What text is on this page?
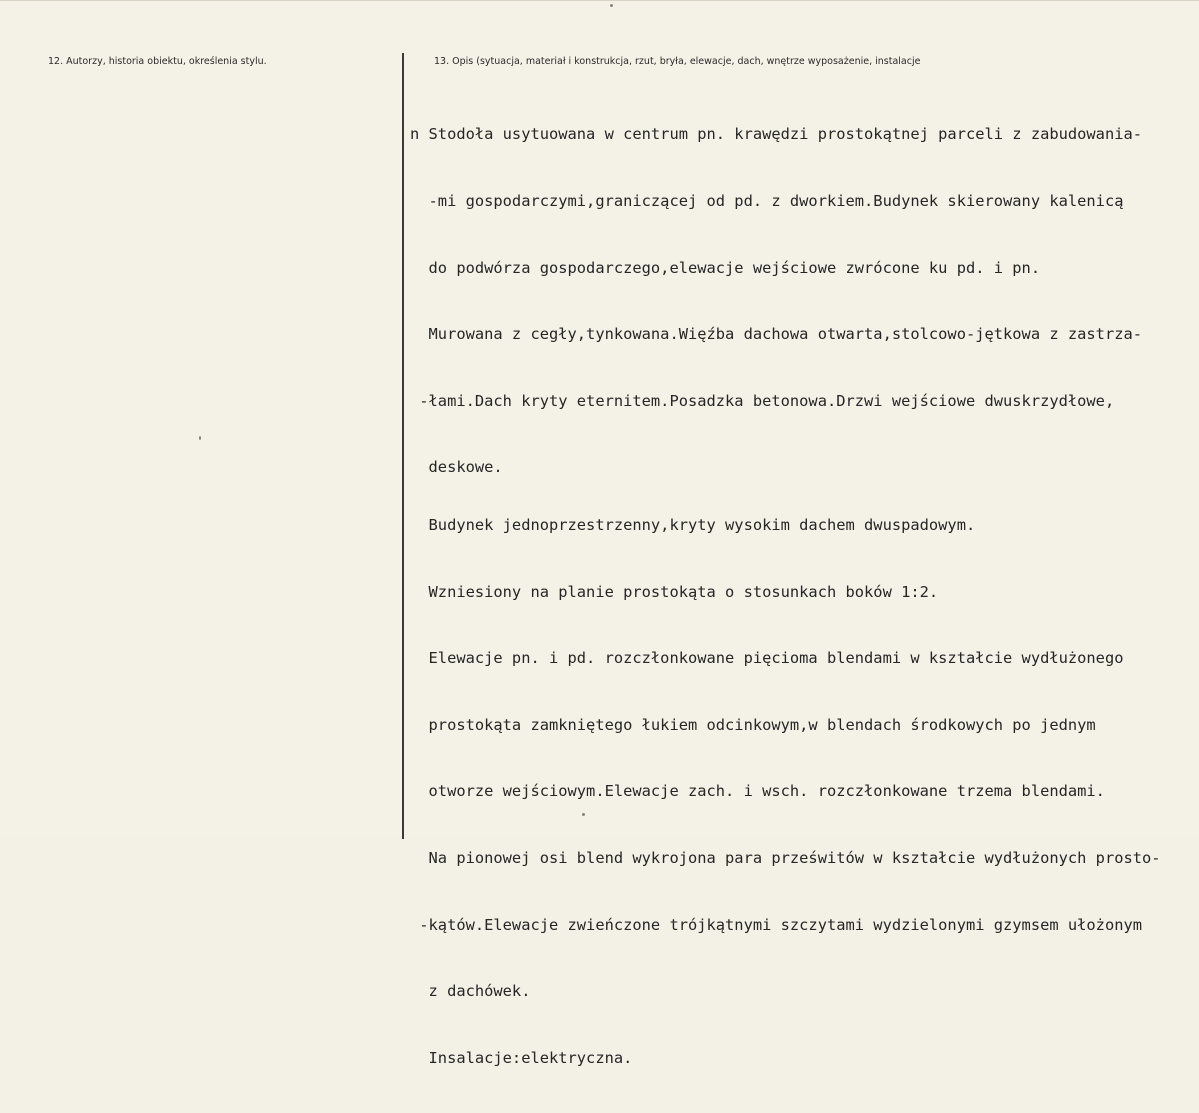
12. Autorzy, historia obiektu, określenia stylu.	13. Opis (sytuacja, materiał i konstrukcja, rzut, bryła, elewacje, dach, wnętrze wyposażenie, instalacje

n Stodoła usytuowana w centrum pn. krawędzi prostokątnej parceli z zabudowania-

-mi gospodarczymi,graniczącej od pd. z dworkiem.Budynek skierowany kalenicą

do podwórza gospodarczego,elewacje wejściowe zwrócone ku pd. i pn.

Murowana z cegły,tynkowana.Więźba dachowa otwarta,stolcowo-jętkowa z zastrza-

-łami.Dach kryty eternitem.Posadzka betonowa.Drzwi wejściowe dwuskrzydłowe,

deskowe.

Budynek jednoprzestrzenny,kryty wysokim dachem dwuspadowym.

Wzniesiony na planie prostokąta o stosunkach boków 1:2.

Elewacje pn. i pd. rozczłonkowane pięcioma blendami w kształcie wydłużonego

prostokąta zamkniętego łukiem odcinkowym,w blendach środkowych po jednym

otworze wejściowym.Elewacje zach. i wsch. rozczłonkowane trzema blendami.

Na pionowej osi blend wykrojona para prześwitów w kształcie wydłużonych prosto-

-kątów.Elewacje zwieńczone trójkątnymi szczytami wydzielonymi gzymsem ułożonym

z dachówek.

Insalacje:elektryczna.
